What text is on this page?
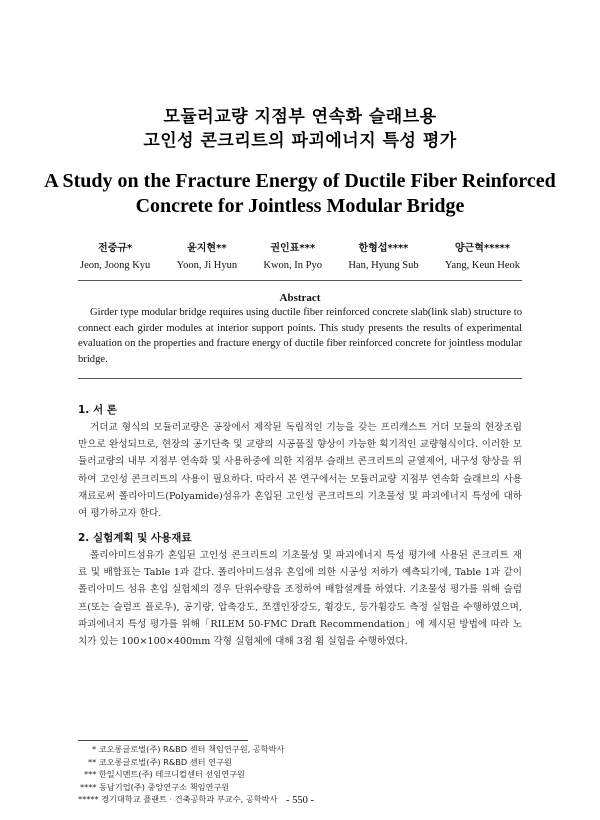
모듈러교량 지점부 연속화 슬래브용
고인성 콘크리트의 파괴에너지 특성 평가
A Study on the Fracture Energy of Ductile Fiber Reinforced
Concrete for Jointless Modular Bridge
전중규*
Jeon, Joong Kyu
윤지현**
Yoon, Ji Hyun
권인표***
Kwon, In Pyo
한형섭****
Han, Hyung Sub
양근혁*****
Yang, Keun Heok
Abstract
Girder type modular bridge requires using ductile fiber reinforced concrete slab(link slab) structure to connect each girder modules at interior support points. This study presents the results of experimental evaluation on the properties and fracture energy of ductile fiber reinforced concrete for jointless modular bridge.
1. 서 론
거더교 형식의 모듈러교량은 공장에서 제작된 독립적인 기능을 갖는 프리캐스트 거더 모듈의 현장조립만으로 완성되므로, 현장의 공기단축 및 교량의 시공품질 향상이 가능한 획기적인 교량형식이다. 이러한 모듈러교량의 내부 지점부 연속화 및 사용하중에 의한 지점부 슬래브 콘크리트의 균열제어, 내구성 향상을 위하여 고인성 콘크리트의 사용이 필요하다. 따라서 본 연구에서는 모듈러교량 지점부 연속화 슬래브의 사용재료로써 폴리아미드(Polyamide)섬유가 혼입된 고인성 콘크리트의 기초물성 및 파괴에너지 특성에 대하여 평가하고자 한다.
2. 실험계획 및 사용재료
폴리아미드섬유가 혼입된 고인성 콘크리트의 기초물성 및 파괴에너지 특성 평가에 사용된 콘크리트 재료 및 배합표는 Table 1과 같다. 폴리아미드섬유 혼입에 의한 시공성 저하가 예측되기에, Table 1과 같이 폴리아미드 섬유 혼입 실험체의 경우 단위수량을 조정하여 배합설계를 하였다. 기초물성 평가를 위해 슬럼프(또는 슬럼프 플로우), 공기량, 압축강도, 쪼갬인장강도, 휨강도, 등가휨강도 측정 실험을 수행하였으며, 파괴에너지 특성 평가를 위해「RILEM 50-FMC Draft Recommendation」에 제시된 방법에 따라 노치가 있는 100×100×400mm 각형 실험체에 대해 3점 휨 실험을 수행하였다.
* 코오롱글로벌(주) R&BD 센터 책임연구원, 공학박사
** 코오롱글로벌(주) R&BD 센터 연구원
*** 한일시멘트(주) 테크니컬센터 선임연구원
**** 동남기업(주) 중앙연구소 책임연구원
***** 경기대학교 플랜트 · 건축공학과 부교수, 공학박사 - 550 -
